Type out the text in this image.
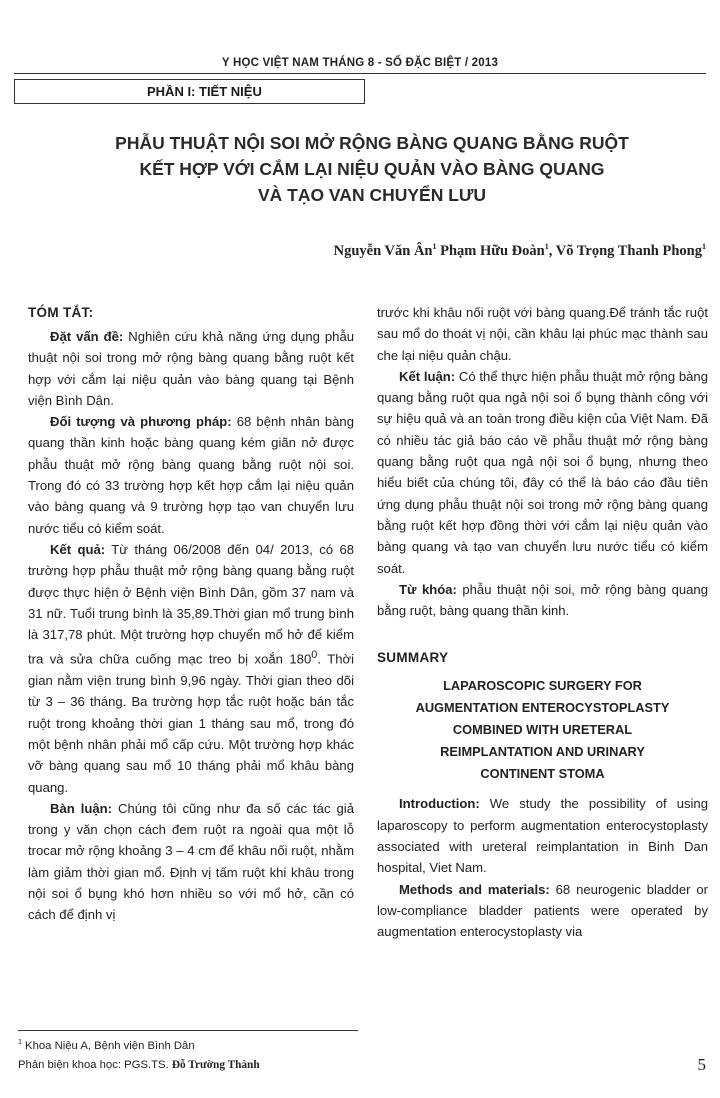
Y HỌC VIỆT NAM THÁNG 8 - SỐ ĐẶC BIỆT / 2013
PHẦN I: TIẾT NIỆU
PHẪU THUẬT NỘI SOI MỞ RỘNG BÀNG QUANG BẰNG RUỘT
KẾT HỢP VỚI CẮM LẠI NIỆU QUẢN VÀO BÀNG QUANG
VÀ TẠO VAN CHUYỂN LƯU
Nguyễn Văn $Ân^1$ Phạm Hữu Đoàn$^1$, Võ Trọng Thanh Phong$^1$
TÓM TẮT:

Đặt vấn đề: Nghiên cứu khả năng ứng dụng phẫu thuật nội soi trong mở rộng bàng quang bằng ruột kết hợp với cắm lại niệu quản vào bàng quang tại Bệnh viện Bình Dân.

Đối tượng và phương pháp: 68 bệnh nhân bàng quang thần kinh hoặc bàng quang kém giãn nở được phẫu thuật mở rộng bàng quang bằng ruột nội soi. Trong đó có 33 trường hợp kết hợp cắm lại niệu quản vào bàng quang và 9 trường hợp tạo van chuyển lưu nước tiểu có kiểm soát.

Kết quả: Từ tháng 06/2008 đến 04/ 2013, có 68 trường hợp phẫu thuật mở rộng bàng quang bằng ruột được thực hiện ở Bệnh viện Bình Dân, gồm 37 nam và 31 nữ. Tuổi trung bình là 35,89.Thời gian mổ trung bình là 317,78 phút. Một trường hợp chuyển mổ hở để kiểm tra và sửa chữa cuống mạc treo bị xoắn $180^0$. Thời gian nằm viện trung bình 9,96 ngày. Thời gian theo dõi từ 3 – 36 tháng. Ba trường hợp tắc ruột hoặc bán tắc ruột trong khoảng thời gian 1 tháng sau mổ, trong đó một bệnh nhân phải mổ cấp cứu. Một trường hợp khác vỡ bàng quang sau mổ 10 tháng phải mổ khâu bàng quang.

Bàn luận: Chúng tôi cũng như đa số các tác giả trong y văn chọn cách đem ruột ra ngoài qua một lỗ trocar mở rộng khoảng 3 – 4 cm để khâu nối ruột, nhằm làm giảm thời gian mổ. Định vị tấm ruột khi khâu trong nội soi ổ bụng khó hơn nhiều so với mổ hở, cần có cách để định vị

trước khi khâu nối ruột với bàng quang.Để tránh tắc ruột sau mổ do thoát vị nội, cần khâu lại phúc mạc thành sau che lại niệu quản chậu.

Kết luận: Có thể thực hiện phẫu thuật mở rộng bàng quang bằng ruột qua ngả nội soi ổ bụng thành công với sự hiệu quả và an toàn trong điều kiện của Việt Nam. Đã có nhiều tác giả báo cáo về phẫu thuật mở rộng bàng quang bằng ruột qua ngả nội soi ổ bụng, nhưng theo hiểu biết của chúng tôi, đây có thể là báo cáo đầu tiên ứng dụng phẫu thuật nội soi trong mở rộng bàng quang bằng ruột kết hợp đồng thời với cắm lại niệu quản vào bàng quang và tạo van chuyển lưu nước tiểu có kiểm soát.

Từ khóa: phẫu thuật nội soi, mở rộng bàng quang bằng ruột, bàng quang thần kinh.

SUMMARY
LAPAROSCOPIC SURGERY FOR
AUGMENTATION ENTEROCYSTOPLASTY
COMBINED WITH URETERAL
REIMPLANTATION AND URINARY
CONTINENT STOMA

Introduction: We study the possibility of using laparoscopy to perform augmentation enterocystoplasty associated with ureteral reimplantation in Binh Dan hospital, Viet Nam.

Methods and materials: 68 neurogenic bladder or low-compliance bladder patients were operated by augmentation enterocystoplasty via

$^1$ Khoa Niệu A, Bệnh viện Bình Dân
Phản biện khoa học: PGS.TS. Đỗ Trường Thành	5
